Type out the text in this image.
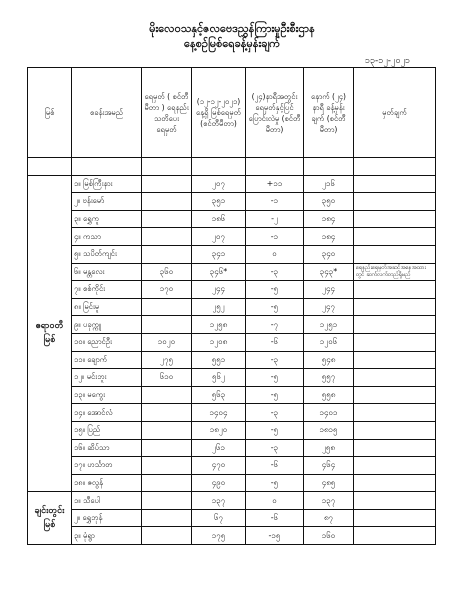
မိုးလေဝသနှင့်ဇလဗေဒညွှန်ကြားမှုဦးစီးဌာန
နေ့စဉ်မြစ်ရေခန့်မှန်းချက်
၁၃-၁၂-၂၀၂၁
မြစ်	စခန်းအမည်	ရေမှတ် ( စင်တီမီတာ ) ရေနည်းသတိပေးရေမှတ်	(၁၂-၁၂-၂၀၂၁) နေ့ရှိ မြစ်ရေမှတ် (စင်တီမီတာ)	(၂၄)နာရီအတွင်း ရေမှတ်နှင့်ပြင် ပြောင်းလဲမှု (စင်တီမီတာ)	နောက် (၂၄) နာရီ ခန့်မှန်းချက် (စင်တီမီတာ)	မှတ်ချက်

ဧရာဝတီမြစ်	၁။ မြစ်ကြီးနား		၂၀၇	+၁၁	၂၁၆	
	၂။ ဗန်းမော်		၃၅၁	-၁	၃၅၀	
	၃။ ရွှေကူ		၁၈၆	-၂	၁၈၄	
	၄။ ကသာ		၂၀၇	-၁	၁၈၄	
	၅။ သပိတ်ကျင်း		၃၄၁	၀	၃၄၀	
	၆။ မန္တလေး	၃၆၀	၃၄၆*	-၃	၃၄၃*	ရေနည်းရေမှတ်အဆင့်အနေအထားတွင် ဆက်လက်တည်ရှိမည်
	၇။ စစ်ကိုင်း	၁၇၀	၂၄၄	-၅	၂၄၄	
	၈။ မြင်းမူ		၂၅၂	-၅	၂၄၇	
	၉။ ပခုက္ကူ		၁၂၅၈	-၇	၁၂၅၁	
	၁၀။ ညောင်ဦး	၁၀၂၀	၁၂၀၈	-၆	၁၂၀၆	
	၁၁။ ချောက်	၂၇၅	၅၅၁	-၃	၅၄၈	
	၁၂။ မင်းဘူး	၆၁၀	၅၆၂	-၅	၅၅၇	
	၁၃။ မကွေး		၅၆၃	-၅	၅၅၈	
	၁၄။ အောင်လံ		၁၄၀၄	-၃	၁၄၀၁	
	၁၅။ ပြည်		၁၈၂၀	-၅	၁၈၁၅	
	၁၆။ ဆိပ်သာ		၂၆၁	-၃	၂၅၈	
	၁၇။ ဟင်္သာတ		၄၇၀	-၆	၄၆၄	
	၁၈။ ဇလွန်		၄၉၀	-၅	၄၈၅	
ချင်းတွင်းမြစ်	၁။ သီပေါ		၁၃၇	၀	၁၃၇	
	၂။ ရွှေဘုန်		၆၇	-၆	၈၇	
	၃။ မုံရွာ		၁၇၅	-၁၅	၁၆၀	
